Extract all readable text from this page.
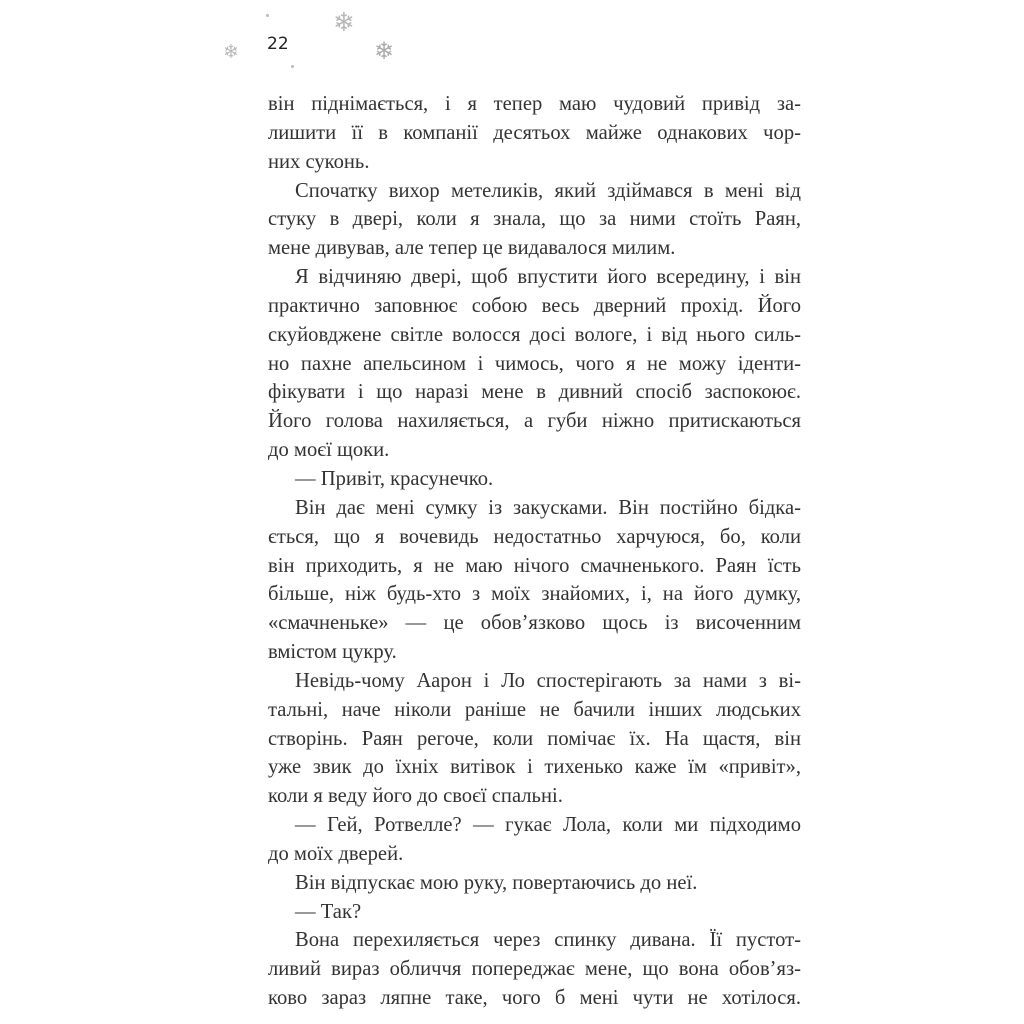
❄
❄
❄
22
він піднімається, і я тепер маю чудовий привід за-
лишити її в компанії десятьох майже однакових чор-
них суконь.
Спочатку вихор метеликів, який здіймався в мені від
стуку в двері, коли я знала, що за ними стоїть Раян,
мене дивував, але тепер це видавалося милим.
Я відчиняю двері, щоб впустити його всередину, і він
практично заповнює собою весь дверний прохід. Його
скуйовджене світле волосся досі вологе, і від нього силь-
но пахне апельсином і чимось, чого я не можу іденти-
фікувати і що наразі мене в дивний спосіб заспокоює.
Його голова нахиляється, а губи ніжно притискаються
до моєї щоки.
— Привіт, красунечко.
Він дає мені сумку із закусками. Він постійно бідка-
ється, що я вочевидь недостатньо харчуюся, бо, коли
він приходить, я не маю нічого смачненького. Раян їсть
більше, ніж будь-хто з моїх знайомих, і, на його думку,
«смачненьке» — це обов’язково щось із височенним
вмістом цукру.
Невідь-чому Аарон і Ло спостерігають за нами з ві-
тальні, наче ніколи раніше не бачили інших людських
створінь. Раян регоче, коли помічає їх. На щастя, він
уже звик до їхніх витівок і тихенько каже їм «привіт»,
коли я веду його до своєї спальні.
— Гей, Ротвелле? — гукає Лола, коли ми підходимо
до моїх дверей.
Він відпускає мою руку, повертаючись до неї.
— Так?
Вона перехиляється через спинку дивана. Її пустот-
ливий вираз обличчя попереджає мене, що вона обов’яз-
ково зараз ляпне таке, чого б мені чути не хотілося.
